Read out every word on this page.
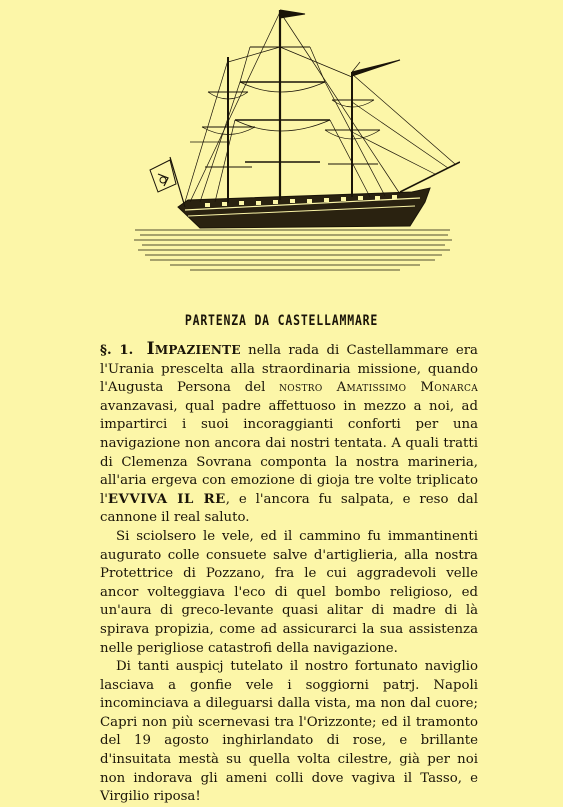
PARTENZA DA CASTELLAMMARE

§. 1. Impaziente nella rada di Castellammare era l'Urania prescelta alla straordinaria missione, quando l'Augusta Persona del nostro Amatissimo Monarca avanzavasi, qual padre affettuoso in mezzo a noi, ad impartirci i suoi incoraggianti conforti per una navigazione non ancora dai nostri tentata. A quali tratti di Clemenza Sovrana componta la nostra marineria, all'aria ergeva con emozione di gioja tre volte triplicato l'EVVIVA IL RE, e l'ancora fu salpata, e reso dal cannone il real saluto.

Si sciolsero le vele, ed il cammino fu immantinenti augurato colle consuete salve d'artiglieria, alla nostra Protettrice di Pozzano, fra le cui aggradevoli velle ancor volteggiava l'eco di quel bombo religioso, ed un'aura di greco-levante quasi alitar di madre di là spirava propizia, come ad assicurarci la sua assistenza nelle perigliose catastrofi della navigazione.

Di tanti auspicj tutelato il nostro fortunato naviglio lasciava a gonfie vele i soggiorni patrj. Napoli incominciava a dileguarsi dalla vista, ma non dal cuore; Capri non più scernevasi tra l'Orizzonte; ed il tramonto del 19 agosto inghirlandato di rose, e brillante d'insuitata mestà su quella volta cilestre, già per noi non indorava gli ameni colli dove vagiva il Tasso, e Virgilio riposa!
